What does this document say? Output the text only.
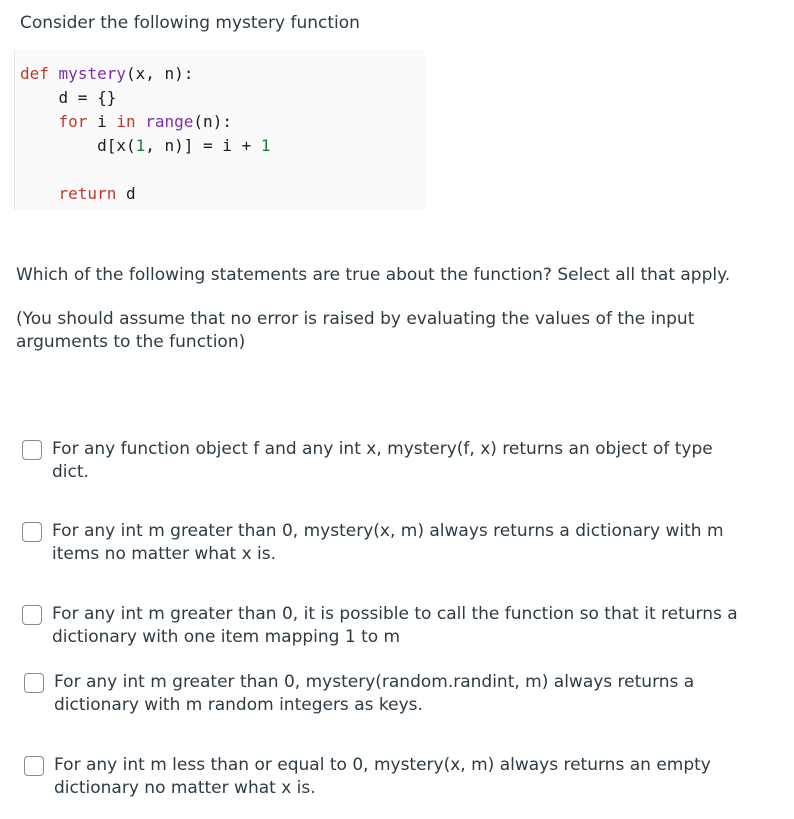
Consider the following mystery function
def mystery(x, n):
d = {}
for i in range(n):
d[x(1, n)] = i + 1

return d
Which of the following statements are true about the function? Select all that apply.
(You should assume that no error is raised by evaluating the values of the input arguments to the function)
For any function object f and any int x, mystery(f, x) returns an object of type dict.
For any int m greater than 0, mystery(x, m) always returns a dictionary with m items no matter what x is.
For any int m greater than 0, it is possible to call the function so that it returns a dictionary with one item mapping 1 to m
For any int m greater than 0, mystery(random.randint, m) always returns a dictionary with m random integers as keys.
For any int m less than or equal to 0, mystery(x, m) always returns an empty dictionary no matter what x is.
